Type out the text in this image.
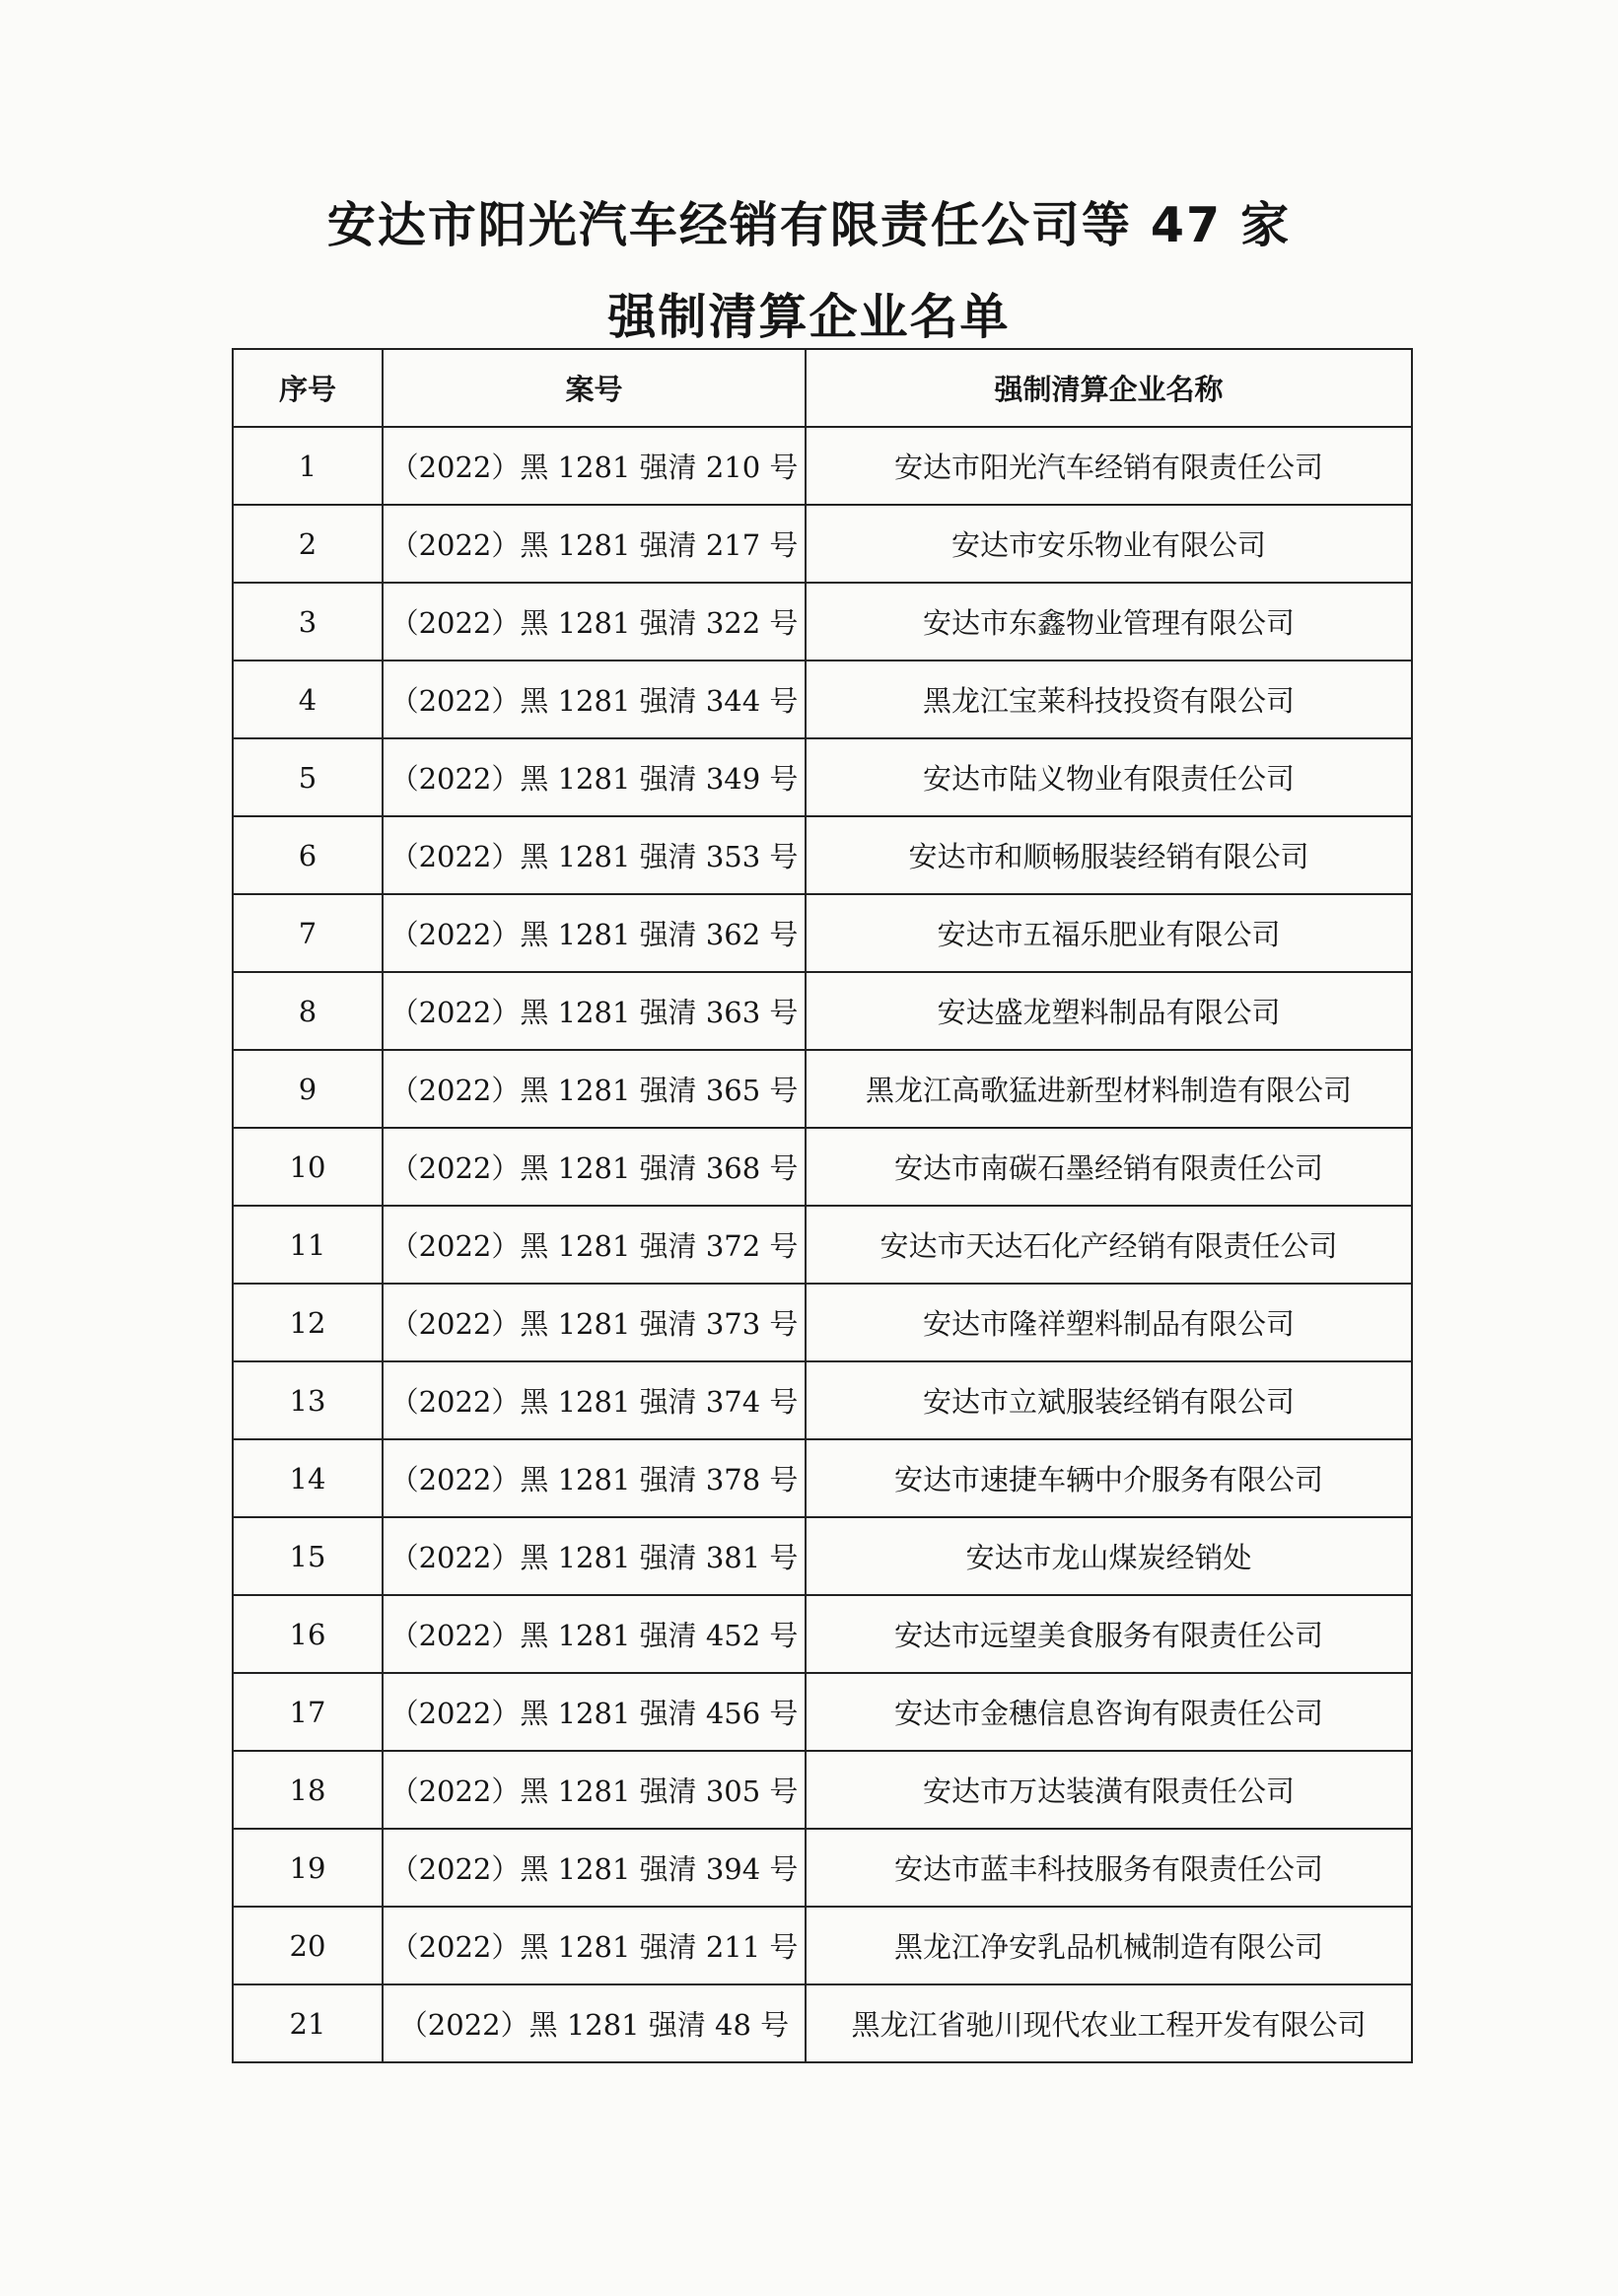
安达市阳光汽车经销有限责任公司等 47 家
强制清算企业名单
序号	案号	强制清算企业名称
1	（2022）黑 1281 强清 210 号	安达市阳光汽车经销有限责任公司
2	（2022）黑 1281 强清 217 号	安达市安乐物业有限公司
3	（2022）黑 1281 强清 322 号	安达市东鑫物业管理有限公司
4	（2022）黑 1281 强清 344 号	黑龙江宝莱科技投资有限公司
5	（2022）黑 1281 强清 349 号	安达市陆义物业有限责任公司
6	（2022）黑 1281 强清 353 号	安达市和顺畅服装经销有限公司
7	（2022）黑 1281 强清 362 号	安达市五福乐肥业有限公司
8	（2022）黑 1281 强清 363 号	安达盛龙塑料制品有限公司
9	（2022）黑 1281 强清 365 号	黑龙江高歌猛进新型材料制造有限公司
10	（2022）黑 1281 强清 368 号	安达市南碳石墨经销有限责任公司
11	（2022）黑 1281 强清 372 号	安达市天达石化产经销有限责任公司
12	（2022）黑 1281 强清 373 号	安达市隆祥塑料制品有限公司
13	（2022）黑 1281 强清 374 号	安达市立斌服装经销有限公司
14	（2022）黑 1281 强清 378 号	安达市速捷车辆中介服务有限公司
15	（2022）黑 1281 强清 381 号	安达市龙山煤炭经销处
16	（2022）黑 1281 强清 452 号	安达市远望美食服务有限责任公司
17	（2022）黑 1281 强清 456 号	安达市金穗信息咨询有限责任公司
18	（2022）黑 1281 强清 305 号	安达市万达装潢有限责任公司
19	（2022）黑 1281 强清 394 号	安达市蓝丰科技服务有限责任公司
20	（2022）黑 1281 强清 211 号	黑龙江净安乳品机械制造有限公司
21	（2022）黑 1281 强清 48 号	黑龙江省驰川现代农业工程开发有限公司
